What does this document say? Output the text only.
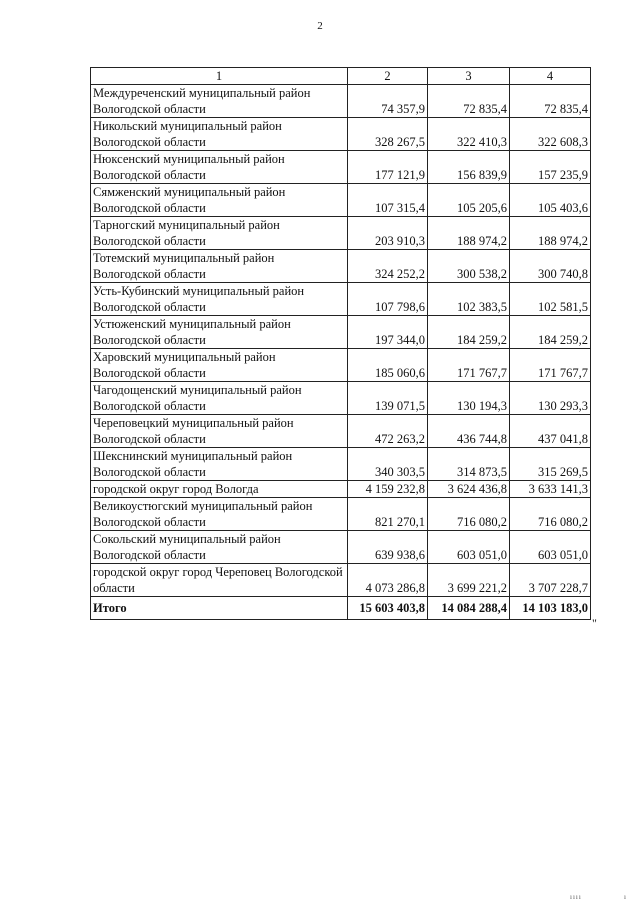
2
1	2	3	4
Междуреченский муниципальный район Вологодской области	74 357,9	72 835,4	72 835,4
Никольский муниципальный район Вологодской области	328 267,5	322 410,3	322 608,3
Нюксенский муниципальный район Вологодской области	177 121,9	156 839,9	157 235,9
Сямженский муниципальный район Вологодской области	107 315,4	105 205,6	105 403,6
Тарногский муниципальный район Вологодской области	203 910,3	188 974,2	188 974,2
Тотемский муниципальный район Вологодской области	324 252,2	300 538,2	300 740,8
Усть-Кубинский муниципальный район Вологодской области	107 798,6	102 383,5	102 581,5
Устюженский муниципальный район Вологодской области	197 344,0	184 259,2	184 259,2
Харовский муниципальный район Вологодской области	185 060,6	171 767,7	171 767,7
Чагодощенский муниципальный район Вологодской области	139 071,5	130 194,3	130 293,3
Череповецкий муниципальный район Вологодской области	472 263,2	436 744,8	437 041,8
Шекснинский муниципальный район Вологодской области	340 303,5	314 873,5	315 269,5
городской округ город Вологда	4 159 232,8	3 624 436,8	3 633 141,3
Великоустюгский муниципальный район Вологодской области	821 270,1	716 080,2	716 080,2
Сокольский муниципальный район Вологодской области	639 938,6	603 051,0	603 051,0
городской округ город Череповец Вологодской области	4 073 286,8	3 699 221,2	3 707 228,7
Итого	15 603 403,8	14 084 288,4	14 103 183,0
"
ıııı	ı
